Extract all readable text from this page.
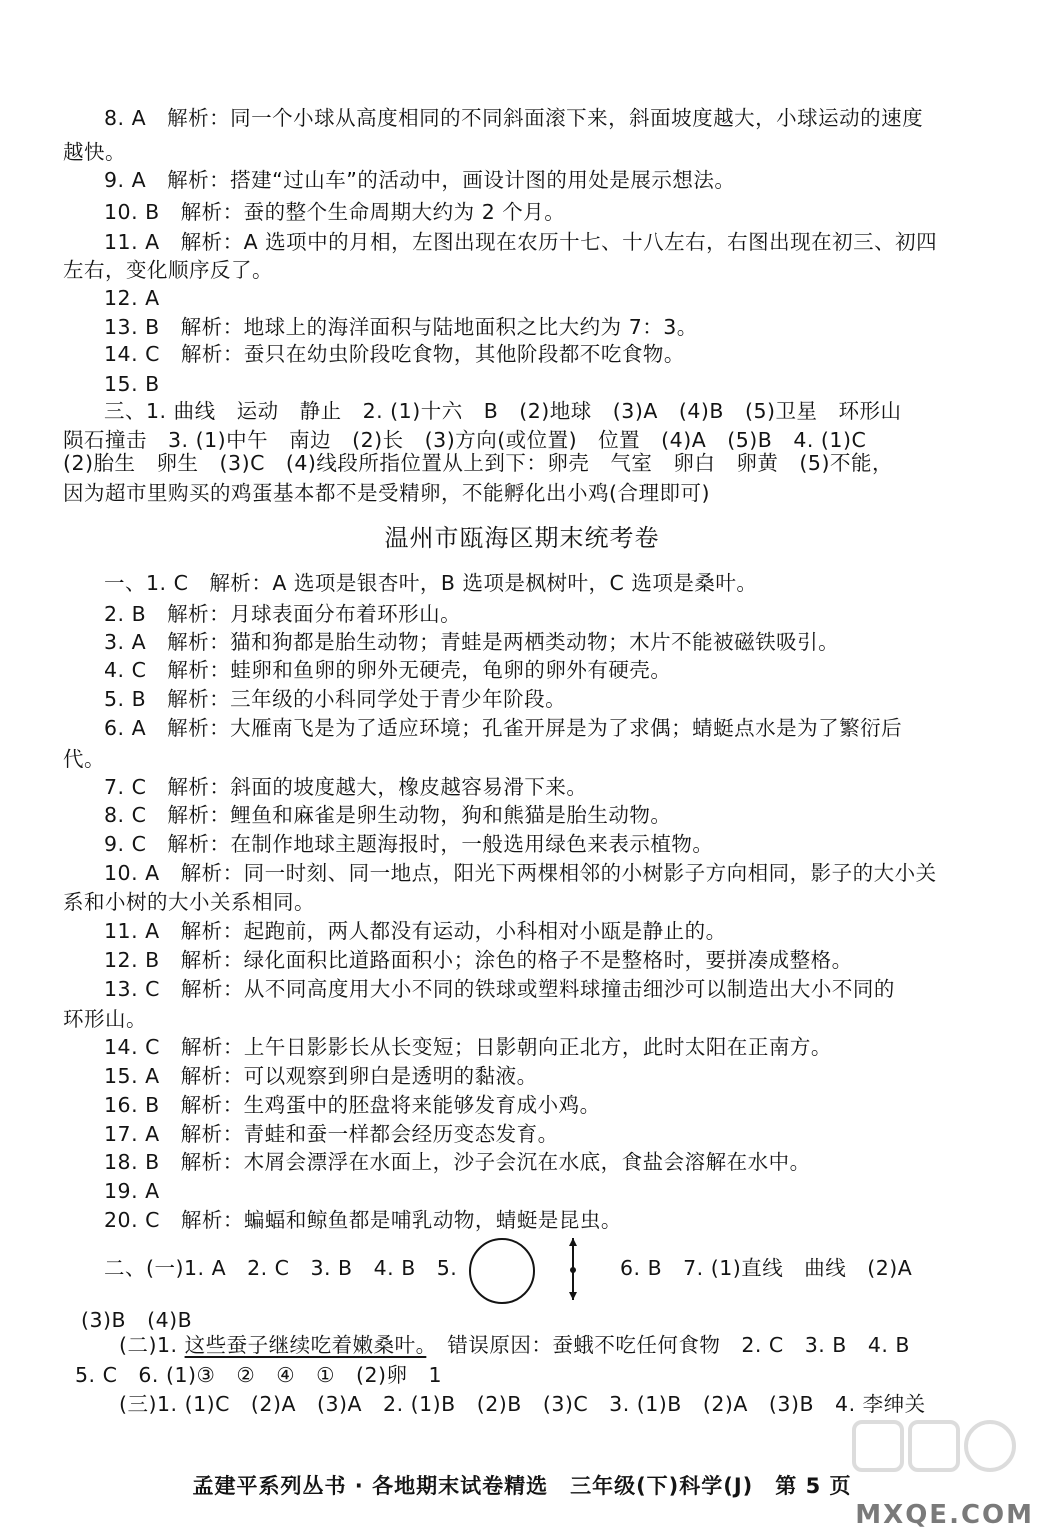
8. A　解析：同一个小球从高度相同的不同斜面滚下来，斜面坡度越大，小球运动的速度
越快。
9. A　解析：搭建“过山车”的活动中，画设计图的用处是展示想法。
10. B　解析：蚕的整个生命周期大约为 2 个月。
11. A　解析：A 选项中的月相，左图出现在农历十七、十八左右，右图出现在初三、初四
左右，变化顺序反了。
12. A
13. B　解析：地球上的海洋面积与陆地面积之比大约为 7：3。
14. C　解析：蚕只在幼虫阶段吃食物，其他阶段都不吃食物。
15. B
三、1. 曲线　运动　静止　2. (1)十六　B　(2)地球　(3)A　(4)B　(5)卫星　环形山
陨石撞击　3. (1)中午　南边　(2)长　(3)方向(或位置)　位置　(4)A　(5)B　4. (1)C
(2)胎生　卵生　(3)C　(4)线段所指位置从上到下：卵壳　气室　卵白　卵黄　(5)不能，
因为超市里购买的鸡蛋基本都不是受精卵，不能孵化出小鸡(合理即可)
温州市瓯海区期末统考卷
一、1. C　解析：A 选项是银杏叶，B 选项是枫树叶，C 选项是桑叶。
2. B　解析：月球表面分布着环形山。
3. A　解析：猫和狗都是胎生动物；青蛙是两栖类动物；木片不能被磁铁吸引。
4. C　解析：蛙卵和鱼卵的卵外无硬壳，龟卵的卵外有硬壳。
5. B　解析：三年级的小科同学处于青少年阶段。
6. A　解析：大雁南飞是为了适应环境；孔雀开屏是为了求偶；蜻蜓点水是为了繁衍后
代。
7. C　解析：斜面的坡度越大，橡皮越容易滑下来。
8. C　解析：鲤鱼和麻雀是卵生动物，狗和熊猫是胎生动物。
9. C　解析：在制作地球主题海报时，一般选用绿色来表示植物。
10. A　解析：同一时刻、同一地点，阳光下两棵相邻的小树影子方向相同，影子的大小关
系和小树的大小关系相同。
11. A　解析：起跑前，两人都没有运动，小科相对小瓯是静止的。
12. B　解析：绿化面积比道路面积小；涂色的格子不是整格时，要拼凑成整格。
13. C　解析：从不同高度用大小不同的铁球或塑料球撞击细沙可以制造出大小不同的
环形山。
14. C　解析：上午日影影长从长变短；日影朝向正北方，此时太阳在正南方。
15. A　解析：可以观察到卵白是透明的黏液。
16. B　解析：生鸡蛋中的胚盘将来能够发育成小鸡。
17. A　解析：青蛙和蚕一样都会经历变态发育。
18. B　解析：木屑会漂浮在水面上，沙子会沉在水底，食盐会溶解在水中。
19. A
20. C　解析：蝙蝠和鲸鱼都是哺乳动物，蜻蜓是昆虫。
二、(一)1. A　2. C　3. B　4. B　5.	6. B　7. (1)直线　曲线　(2)A
(3)B　(4)B
(二)1. 这些蚕子继续吃着嫩桑叶。　错误原因：蚕蛾不吃任何食物　2. C　3. B　4. B
5. C　6. (1)③　②　④　①　(2)卵　1
(三)1. (1)C　(2)A　(3)A　2. (1)B　(2)B　(3)C　3. (1)B　(2)A　(3)B　4. 李绅关
孟建平系列丛书 · 各地期末试卷精选　三年级(下)科学(J)　第 5 页
MXQE.COM
